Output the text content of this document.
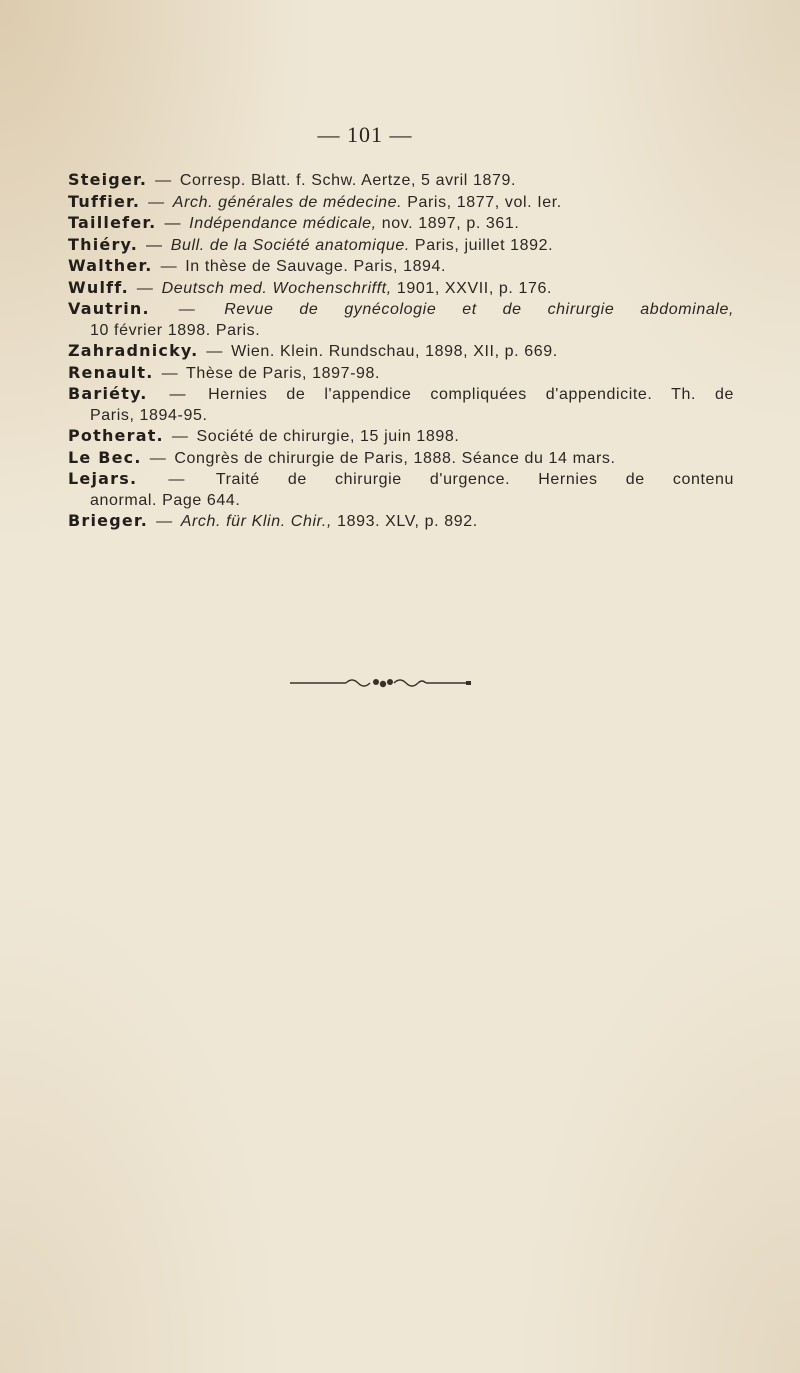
— 101 —

Steiger. — Corresp. Blatt. f. Schw. Aertze, 5 avril 1879.

Tuffier. — Arch. générales de médecine. Paris, 1877, vol. Ier.

Taillefer. — Indépendance médicale, nov. 1897, p. 361.

Thiéry. — Bull. de la Société anatomique. Paris, juillet 1892.

Walther. — In thèse de Sauvage. Paris, 1894.

Wulff. — Deutsch med. Wochenschrifft, 1901, XXVII, p. 176.

Vautrin. — Revue de gynécologie et de chirurgie abdominale,
10 février 1898. Paris.

Zahradnicky. — Wien. Klein. Rundschau, 1898, XII, p. 669.

Renault. — Thèse de Paris, 1897-98.

Bariéty. — Hernies de l'appendice compliquées d'appendicite. Th. de
Paris, 1894-95.

Potherat. — Société de chirurgie, 15 juin 1898.

Le Bec. — Congrès de chirurgie de Paris, 1888. Séance du 14 mars.

Lejars. — Traité de chirurgie d'urgence. Hernies de contenu
anormal. Page 644.

Brieger. — Arch. für Klin. Chir., 1893. XLV, p. 892.
